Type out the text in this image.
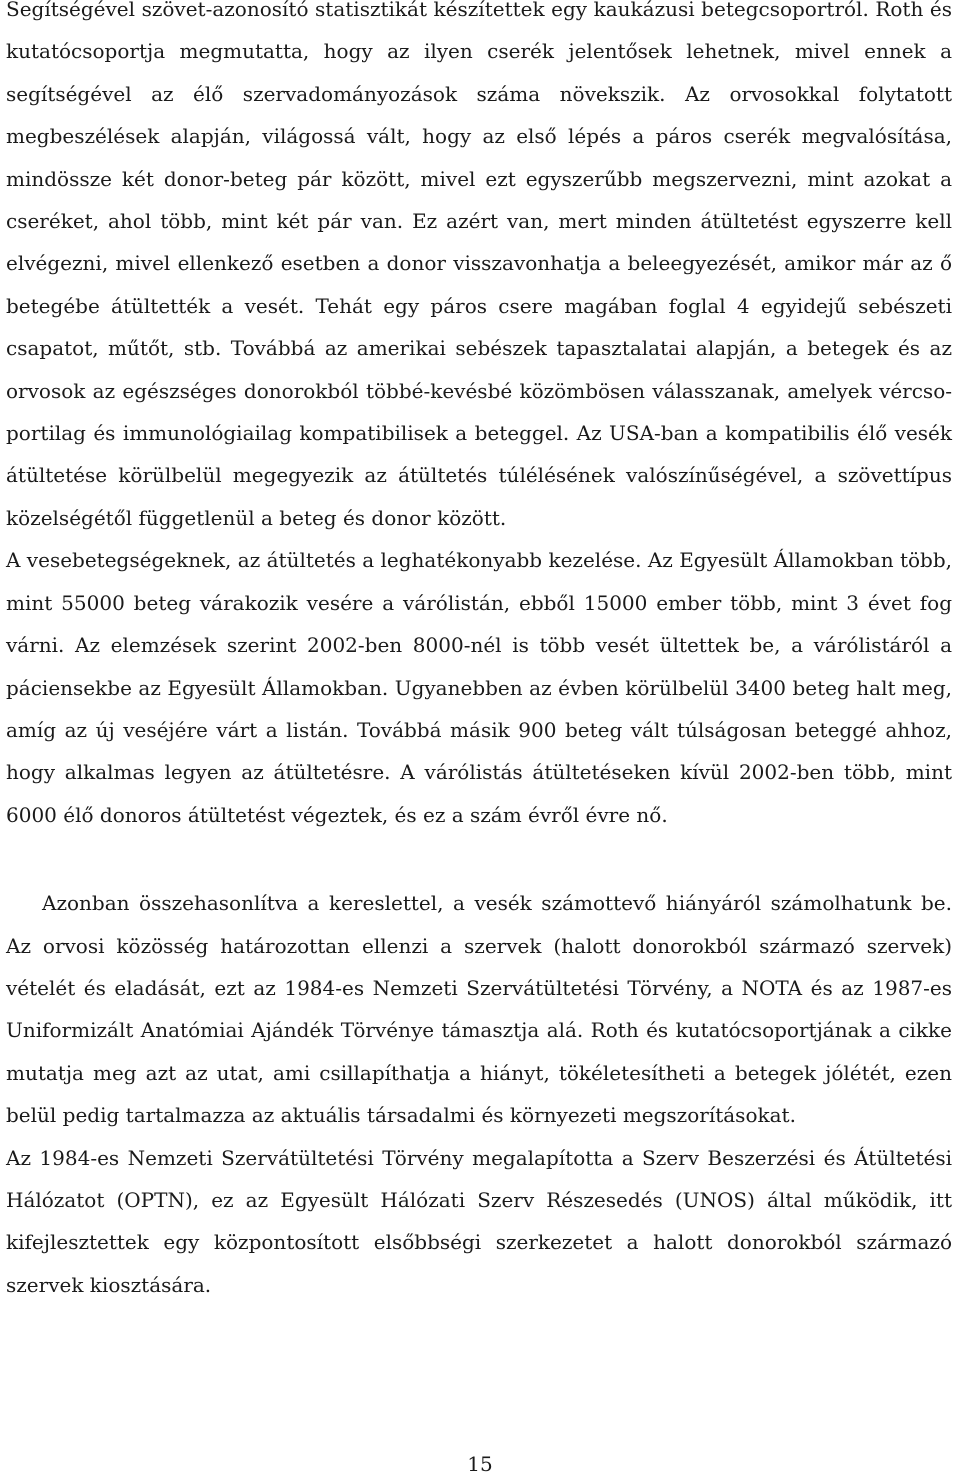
Segítségével szövet-azonosító statisztikát készítettek egy kaukázusi betegcsoportról. Roth és kutatócsoportja megmutatta, hogy az ilyen cserék jelentősek lehetnek, mivel ennek a segítségével az élő szervadományozások száma növekszik. Az orvosokkal folytatott megbeszélések alapján, világossá vált, hogy az első lépés a páros cserék megvalósítása, mindössze két donor-beteg pár között, mivel ezt egyszerűbb megszervezni, mint azokat a cseréket, ahol több, mint két pár van. Ez azért van, mert minden átültetést egyszerre kell elvégezni, mivel ellenkező esetben a donor visszavonhatja a beleegyezését, amikor már az ő betegébe átültették a vesét. Tehát egy páros csere magában foglal 4 egyidejű sebészeti csapatot, műtőt, stb. Továbbá az amerikai sebészek tapasztalatai alapján, a betegek és az orvosok az egészséges donorokból többé-kevésbé közömbösen válasszanak, amelyek vércsoportilag és immunológiailag kompatibilisek a beteggel. Az USA-ban a kompatibilis élő vesék átültetése körülbelül megegyezik az átültetés túlélésének valószínűségével, a szövettípus közelségétől függetlenül a beteg és donor között.

A vesebetegségeknek, az átültetés a leghatékonyabb kezelése. Az Egyesült Államokban több, mint 55000 beteg várakozik vesére a várólistán, ebből 15000 ember több, mint 3 évet fog várni. Az elemzések szerint 2002-ben 8000-nél is több vesét ültettek be, a várólistáról a páciensekbe az Egyesült Államokban. Ugyanebben az évben körülbelül 3400 beteg halt meg, amíg az új veséjére várt a listán. Továbbá másik 900 beteg vált túlságosan beteggé ahhoz, hogy alkalmas legyen az átültetésre. A várólistás átültetéseken kívül 2002-ben több, mint 6000 élő donoros átültetést végeztek, és ez a szám évről évre nő.

Azonban összehasonlítva a kereslettel, a vesék számottevő hiányáról számolhatunk be. Az orvosi közösség határozottan ellenzi a szervek (halott donorokból származó szervek) vételét és eladását, ezt az 1984-es Nemzeti Szervátültetési Törvény, a NOTA és az 1987-es Uniformizált Anatómiai Ajándék Törvénye támasztja alá. Roth és kutatócsoportjának a cikke mutatja meg azt az utat, ami csillapíthatja a hiányt, tökéletesítheti a betegek jólétét, ezen belül pedig tartalmazza az aktuális társadalmi és környezeti megszorításokat.

Az 1984-es Nemzeti Szervátültetési Törvény megalapította a Szerv Beszerzési és Átültetési Hálózatot (OPTN), ez az Egyesült Hálózati Szerv Részesedés (UNOS) által működik, itt kifejlesztettek egy központosított elsőbbségi szerkezetet a halott donorokból származó szervek kiosztására.

15
